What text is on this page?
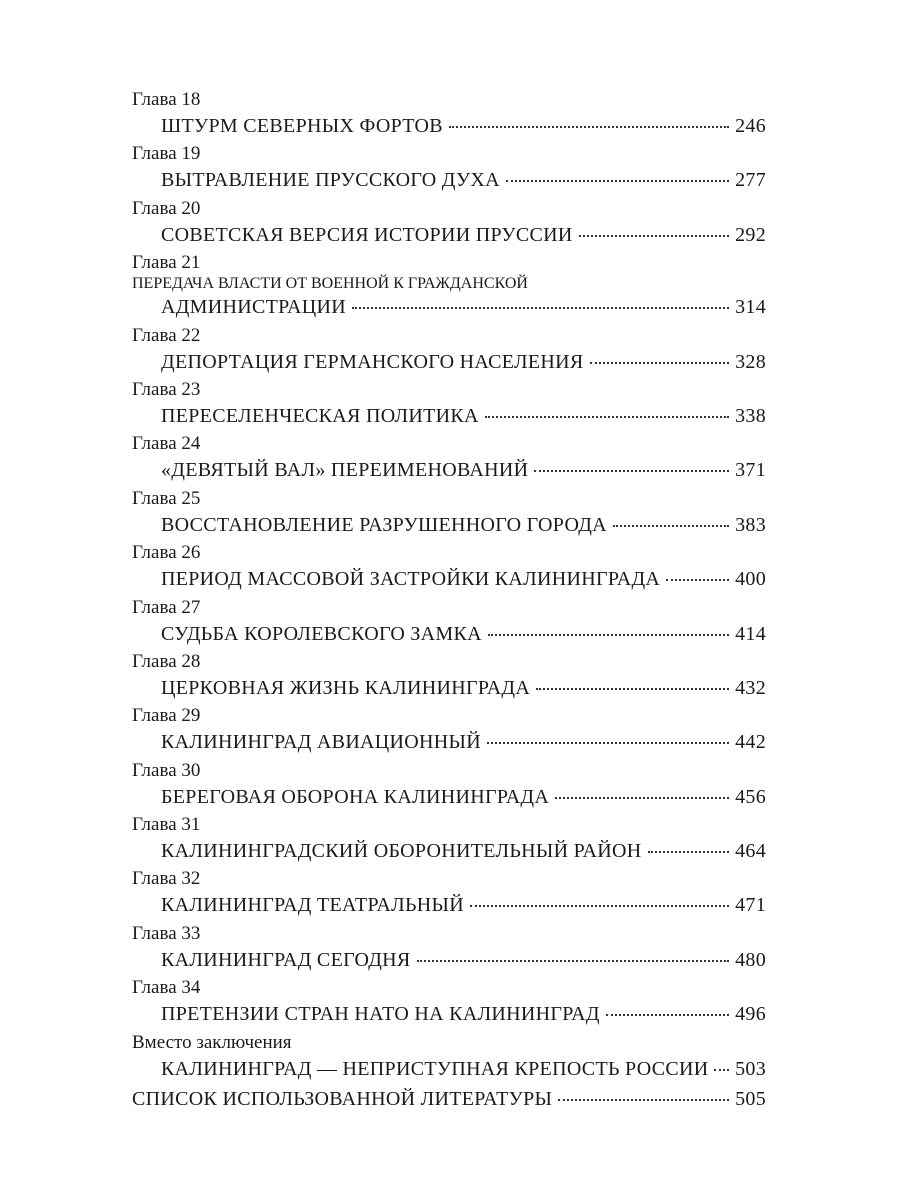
Глава 18
ШТУРМ СЕВЕРНЫХ ФОРТОВ	246
Глава 19
ВЫТРАВЛЕНИЕ ПРУССКОГО ДУХА	277
Глава 20
СОВЕТСКАЯ ВЕРСИЯ ИСТОРИИ ПРУССИИ	292
Глава 21
ПЕРЕДАЧА ВЛАСТИ ОТ ВОЕННОЙ К ГРАЖДАНСКОЙ
АДМИНИСТРАЦИИ	314
Глава 22
ДЕПОРТАЦИЯ ГЕРМАНСКОГО НАСЕЛЕНИЯ	328
Глава 23
ПЕРЕСЕЛЕНЧЕСКАЯ ПОЛИТИКА	338
Глава 24
«ДЕВЯТЫЙ ВАЛ» ПЕРЕИМЕНОВАНИЙ	371
Глава 25
ВОССТАНОВЛЕНИЕ РАЗРУШЕННОГО ГОРОДА	383
Глава 26
ПЕРИОД МАССОВОЙ ЗАСТРОЙКИ КАЛИНИНГРАДА	400
Глава 27
СУДЬБА КОРОЛЕВСКОГО ЗАМКА	414
Глава 28
ЦЕРКОВНАЯ ЖИЗНЬ КАЛИНИНГРАДА	432
Глава 29
КАЛИНИНГРАД АВИАЦИОННЫЙ	442
Глава 30
БЕРЕГОВАЯ ОБОРОНА КАЛИНИНГРАДА	456
Глава 31
КАЛИНИНГРАДСКИЙ ОБОРОНИТЕЛЬНЫЙ РАЙОН	464
Глава 32
КАЛИНИНГРАД ТЕАТРАЛЬНЫЙ	471
Глава 33
КАЛИНИНГРАД СЕГОДНЯ	480
Глава 34
ПРЕТЕНЗИИ СТРАН НАТО НА КАЛИНИНГРАД	496
Вместо заключения
КАЛИНИНГРАД — НЕПРИСТУПНАЯ КРЕПОСТЬ РОССИИ 503
СПИСОК ИСПОЛЬЗОВАННОЙ ЛИТЕРАТУРЫ	505
